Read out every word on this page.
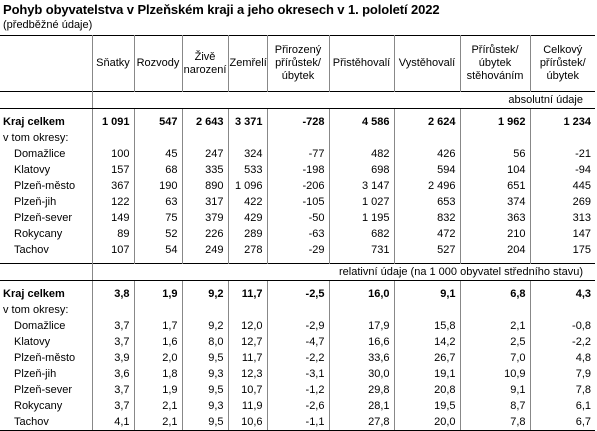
Pohyb obyvatelstva v Plzeňském kraji a jeho okresech v 1. pololetí 2022
(předběžné údaje)
	Sňatky	Rozvody	Živě narození	Zemřelí	Přirozený přírůstek/ úbytek	Přistěhovalí	Vystěhovalí	Přírůstek/ úbytek stěhováním	Celkový přírůstek/ úbytek
	absolutní údaje								

Kraj celkem	1 091	547	2 643	3 371	-728	4 586	2 624	1 962	1 234
v tom okresy:									
Domažlice	100	45	247	324	-77	482	426	56	-21
Klatovy	157	68	335	533	-198	698	594	104	-94
Plzeň-město	367	190	890	1 096	-206	3 147	2 496	651	445
Plzeň-jih	122	63	317	422	-105	1 027	653	374	269
Plzeň-sever	149	75	379	429	-50	1 195	832	363	313
Rokycany	89	52	226	289	-63	682	472	210	147
Tachov	107	54	249	278	-29	731	527	204	175

	relativní údaje (na 1 000 obyvatel středního stavu)								

Kraj celkem	3,8	1,9	9,2	11,7	-2,5	16,0	9,1	6,8	4,3
v tom okresy:									
Domažlice	3,7	1,7	9,2	12,0	-2,9	17,9	15,8	2,1	-0,8
Klatovy	3,7	1,6	8,0	12,7	-4,7	16,6	14,2	2,5	-2,2
Plzeň-město	3,9	2,0	9,5	11,7	-2,2	33,6	26,7	7,0	4,8
Plzeň-jih	3,6	1,8	9,3	12,3	-3,1	30,0	19,1	10,9	7,9
Plzeň-sever	3,7	1,9	9,5	10,7	-1,2	29,8	20,8	9,1	7,8
Rokycany	3,7	2,1	9,3	11,9	-2,6	28,1	19,5	8,7	6,1
Tachov	4,1	2,1	9,5	10,6	-1,1	27,8	20,0	7,8	6,7
